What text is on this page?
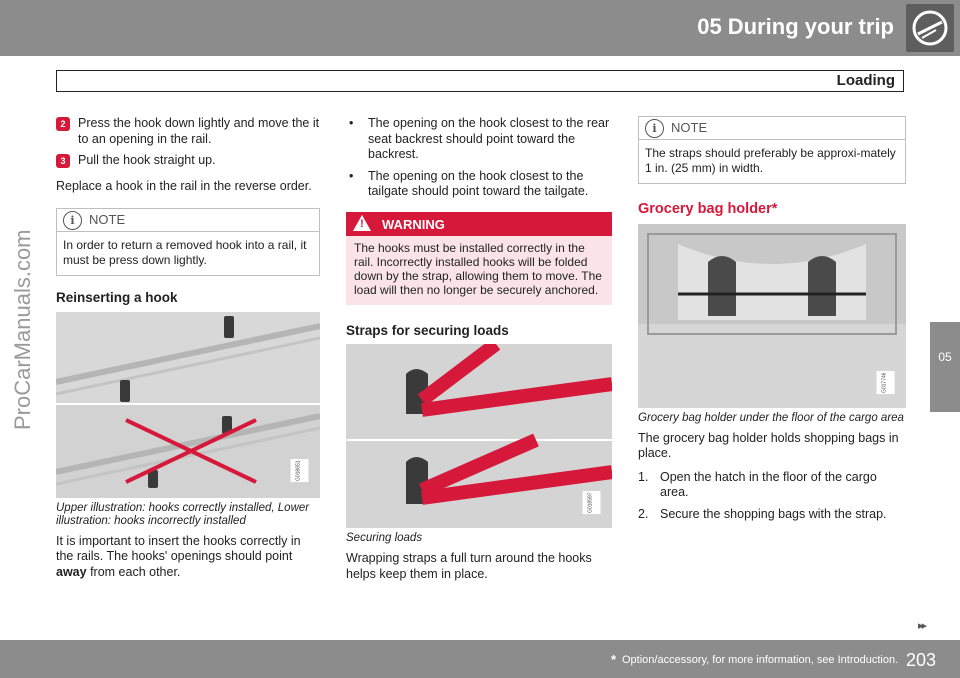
05 During your trip
Loading
05
ProCarManuals.com
2	Press the hook down lightly and move the it to an opening in the rail.
3	Pull the hook straight up.

Replace a hook in the rail in the reverse order.

i	NOTE
In order to return a removed hook into a rail, it must be press down lightly.
Reinserting a hook
G018651
Upper illustration: hooks correctly installed, Lower illustration: hooks incorrectly installed

It is important to insert the hooks correctly in the rails. The hooks' openings should point away from each other.

• The opening on the hook closest to the rear seat backrest should point toward the backrest.
• The opening on the hook closest to the tailgate should point toward the tailgate.
! WARNING
The hooks must be installed correctly in the rail. Incorrectly installed hooks will be folded down by the strap, allowing them to move. The load will then no longer be securely anchored.
Straps for securing loads
G018597
Securing loads

Wrapping straps a full turn around the hooks helps keep them in place.

i	NOTE
The straps should preferably be approxi-mately 1 in. (25 mm) in width.
Grocery bag holder*
G017746
Grocery bag holder under the floor of the cargo area

The grocery bag holder holds shopping bags in place.

1. Open the hatch in the floor of the cargo area.
2. Secure the shopping bags with the strap.
▸▸
* Option/accessory, for more information, see Introduction. 203
